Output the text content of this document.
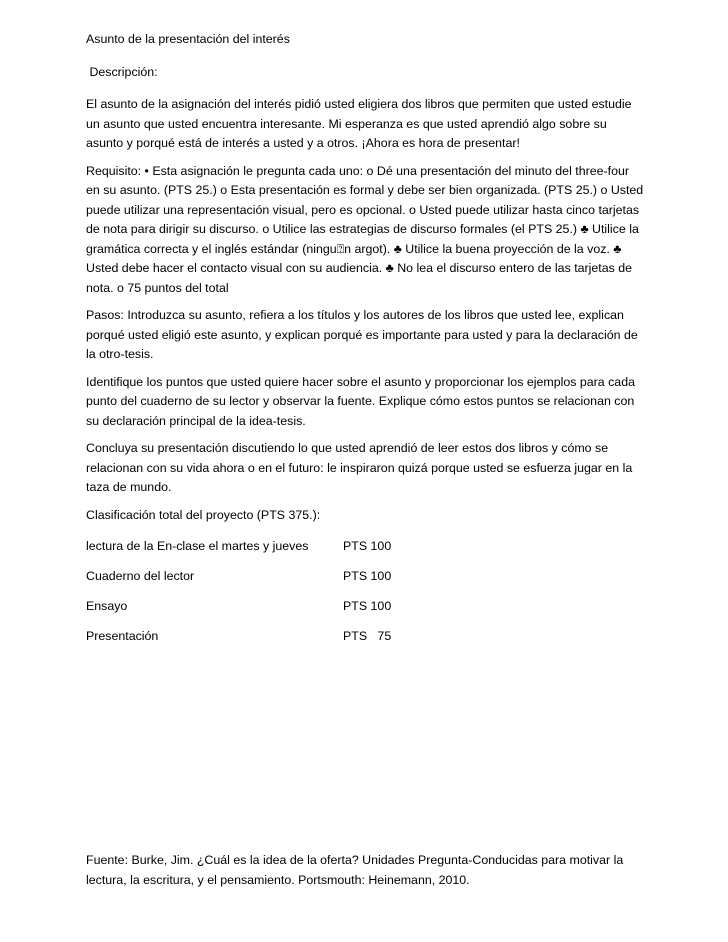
Asunto de la presentación del interés

Descripción:

El asunto de la asignación del interés pidió usted eligiera dos libros que permiten que usted estudie un asunto que usted encuentra interesante. Mi esperanza es que usted aprendió algo sobre su asunto y porqué está de interés a usted y a otros. ¡Ahora es hora de presentar!

Requisito: • Esta asignación le pregunta cada uno: o Dé una presentación del minuto del three-four en su asunto. (PTS 25.) o Esta presentación es formal y debe ser bien organizada. (PTS 25.) o Usted puede utilizar una representación visual, pero es opcional. o Usted puede utilizar hasta cinco tarjetas de nota para dirigir su discurso. o Utilice las estrategias de discurso formales (el PTS 25.) ♣ Utilice la gramática correcta y el inglés estándar (ningu⍰n argot). ♣ Utilice la buena proyección de la voz. ♣ Usted debe hacer el contacto visual con su audiencia. ♣ No lea el discurso entero de las tarjetas de nota. o 75 puntos del total

Pasos: Introduzca su asunto, refiera a los títulos y los autores de los libros que usted lee, explican porqué usted eligió este asunto, y explican porqué es importante para usted y para la declaración de la otro-tesis.

Identifique los puntos que usted quiere hacer sobre el asunto y proporcionar los ejemplos para cada punto del cuaderno de su lector y observar la fuente. Explique cómo estos puntos se relacionan con su declaración principal de la idea-tesis.

Concluya su presentación discutiendo lo que usted aprendió de leer estos dos libros y cómo se relacionan con su vida ahora o en el futuro: le inspiraron quizá porque usted se esfuerza jugar en la taza de mundo.

Clasificación total del proyecto (PTS 375.):

lectura de la En-clase el martes y jueves	PTS 100
Cuaderno del lector	PTS 100
Ensayo	PTS 100
Presentación	PTS   75

Fuente: Burke, Jim. ¿Cuál es la idea de la oferta? Unidades Pregunta-Conducidas para motivar la lectura, la escritura, y el pensamiento. Portsmouth: Heinemann, 2010.
